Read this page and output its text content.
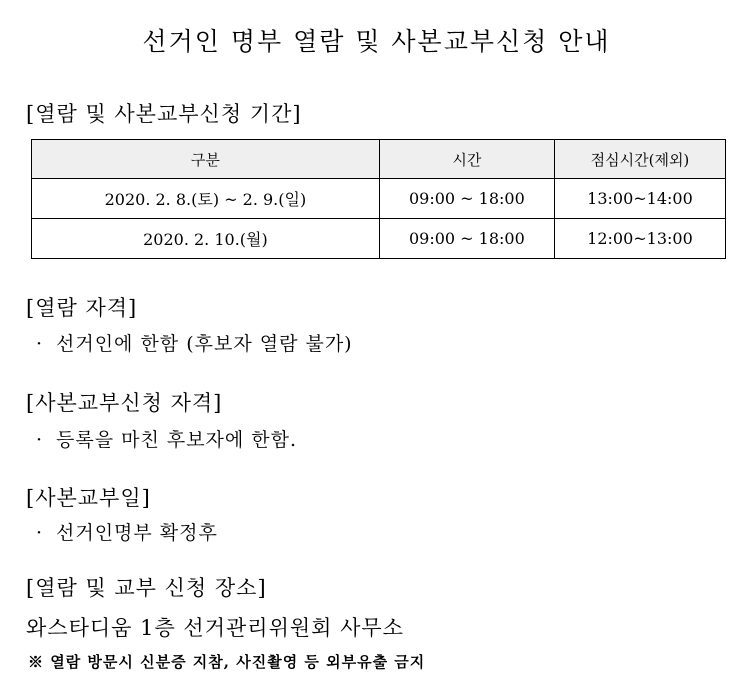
선거인 명부 열람 및 사본교부신청 안내
[열람 및 사본교부신청 기간]
구분	시간	점심시간(제외)
2020. 2. 8.(토) ~ 2. 9.(일)	09:00 ~ 18:00	13:00~14:00
2020. 2. 10.(월)	09:00 ~ 18:00	12:00~13:00
[열람 자격]
· 선거인에 한함 (후보자 열람 불가)
[사본교부신청 자격]
· 등록을 마친 후보자에 한함.
[사본교부일]
· 선거인명부 확정후
[열람 및 교부 신청 장소]
와스타디움 1층 선거관리위원회 사무소
※ 열람 방문시 신분증 지참, 사진촬영 등 외부유출 금지
